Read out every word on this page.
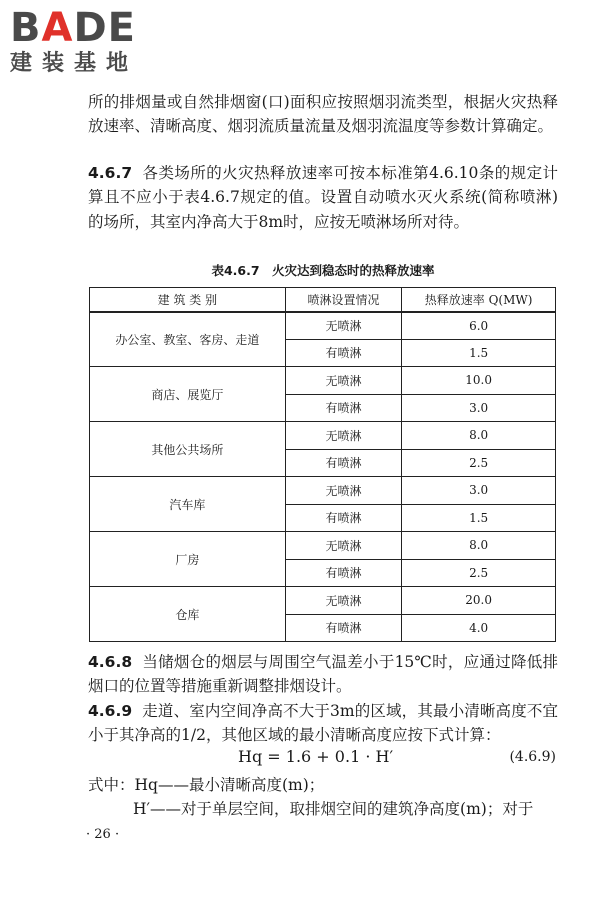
BADE
建装基地

所的排烟量或自然排烟窗(口)面积应按照烟羽流类型，根据火灾热释放速率、清晰高度、烟羽流质量流量及烟羽流温度等参数计算确定。

4.6.7 各类场所的火灾热释放速率可按本标准第4.6.10条的规定计算且不应小于表4.6.7规定的值。设置自动喷水灭火系统(简称喷淋)的场所，其室内净高大于8m时，应按无喷淋场所对待。

表4.6.7　火灾达到稳态时的热释放速率
建 筑 类 别	喷淋设置情况	热释放速率 Q(MW)
办公室、教室、客房、走道	无喷淋	6.0
	有喷淋	1.5
商店、展览厅	无喷淋	10.0
	有喷淋	3.0
其他公共场所	无喷淋	8.0
	有喷淋	2.5
汽车库	无喷淋	3.0
	有喷淋	1.5
厂房	无喷淋	8.0
	有喷淋	2.5
仓库	无喷淋	20.0
	有喷淋	4.0

4.6.8 当储烟仓的烟层与周围空气温差小于15℃时，应通过降低排烟口的位置等措施重新调整排烟设计。

4.6.9 走道、室内空间净高不大于3m的区域，其最小清晰高度不宜小于其净高的1/2，其他区域的最小清晰高度应按下式计算：

Hq = 1.6 + 0.1 · H′	(4.6.9)
式中：Hq——最小清晰高度(m)；
H′——对于单层空间，取排烟空间的建筑净高度(m)；对于
· 26 ·
